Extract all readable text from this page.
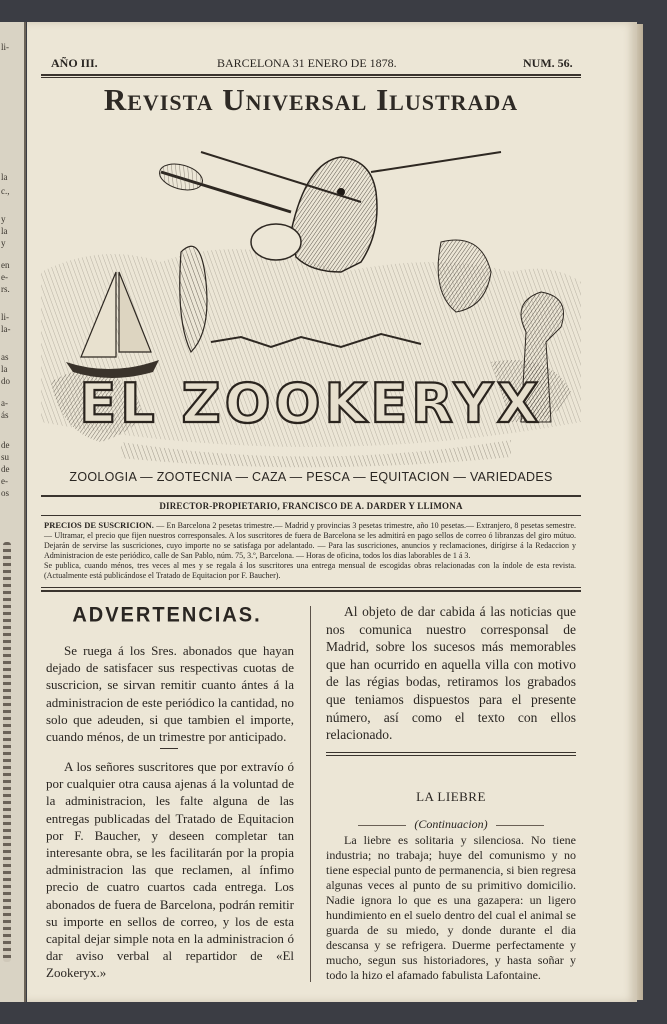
li-
la
c.,
y
la
y
en
e-
rs.
li-
la-
as
la
do
a-
ás
de
su
de
e-
os
AÑO III.	BARCELONA 31 ENERO DE 1878.	NUM. 56.
Revista Universal Ilustrada
EL ZOOKERYX
ZOOLOGIA — ZOOTECNIA — CAZA — PESCA — EQUITACION — VARIEDADES
DIRECTOR-PROPIETARIO, FRANCISCO DE A. DARDER Y LLIMONA
PRECIOS DE SUSCRICION. — En Barcelona 2 pesetas trimestre.— Madrid y provincias 3 pesetas trimestre, año 10 pesetas.— Extranjero, 8 pesetas semestre. — Ultramar, el precio que fijen nuestros corresponsales. A los suscritores de fuera de Barcelona se les admitirá en pago sellos de correo ó libranzas del giro mútuo. Dejarán de servirse las suscriciones, cuyo importe no se satisfaga por adelantado. — Para las suscriciones, anuncios y reclamaciones, dirígirse á la Redaccion y Administracion de este periódico, calle de San Pablo, núm. 75, 3.º, Barcelona. — Horas de oficina, todos los dias laborables de 1 á 3.
Se publica, cuando ménos, tres veces al mes y se regala á los suscritores una entrega mensual de escogidas obras relacionadas con la índole de esta revista. (Actualmente está publicándose el Tratado de Equitacion por F. Baucher).
ADVERTENCIAS.

Se ruega á los Sres. abonados que hayan dejado de satisfacer sus respectivas cuotas de suscricion, se sirvan remitir cuanto ántes á la administracion de este periódico la cantidad, no solo que adeuden, si que tambien el importe, cuando ménos, de un trimestre por anticipado.

A los señores suscritores que por extravío ó por cualquier otra causa ajenas á la voluntad de la administracion, les falte alguna de las entregas publicadas del Tratado de Equitacion por F. Baucher, y deseen completar tan interesante obra, se les facilitarán por la propia administracion las que reclamen, al ínfimo precio de cuatro cuartos cada entrega. Los abonados de fuera de Barcelona, podrán remitir su importe en sellos de correo, y los de esta capital dejar simple nota en la administracion ó dar aviso verbal al repartidor de «El Zookeryx.»

Al objeto de dar cabida á las noticias que nos comunica nuestro corresponsal de Madrid, sobre los sucesos más memorables que han ocurrido en aquella villa con motivo de las régias bodas, retiramos los grabados que teniamos dispuestos para el presente número, así como el texto con ellos relacionado.

LA LIEBRE
(Continuacion)

La liebre es solitaria y silenciosa. No tiene industria; no trabaja; huye del comunismo y no tiene especial punto de permanencia, si bien regresa algunas veces al punto de su primitivo domicilio. Nadie ignora lo que es una gazapera: un ligero hundimiento en el suelo dentro del cual el animal se guarda de su miedo, y donde durante el dia descansa y se refrigera. Duerme perfectamente y mucho, segun sus historiadores, y hasta soñar y todo la hizo el afamado fabulista Lafontaine.
